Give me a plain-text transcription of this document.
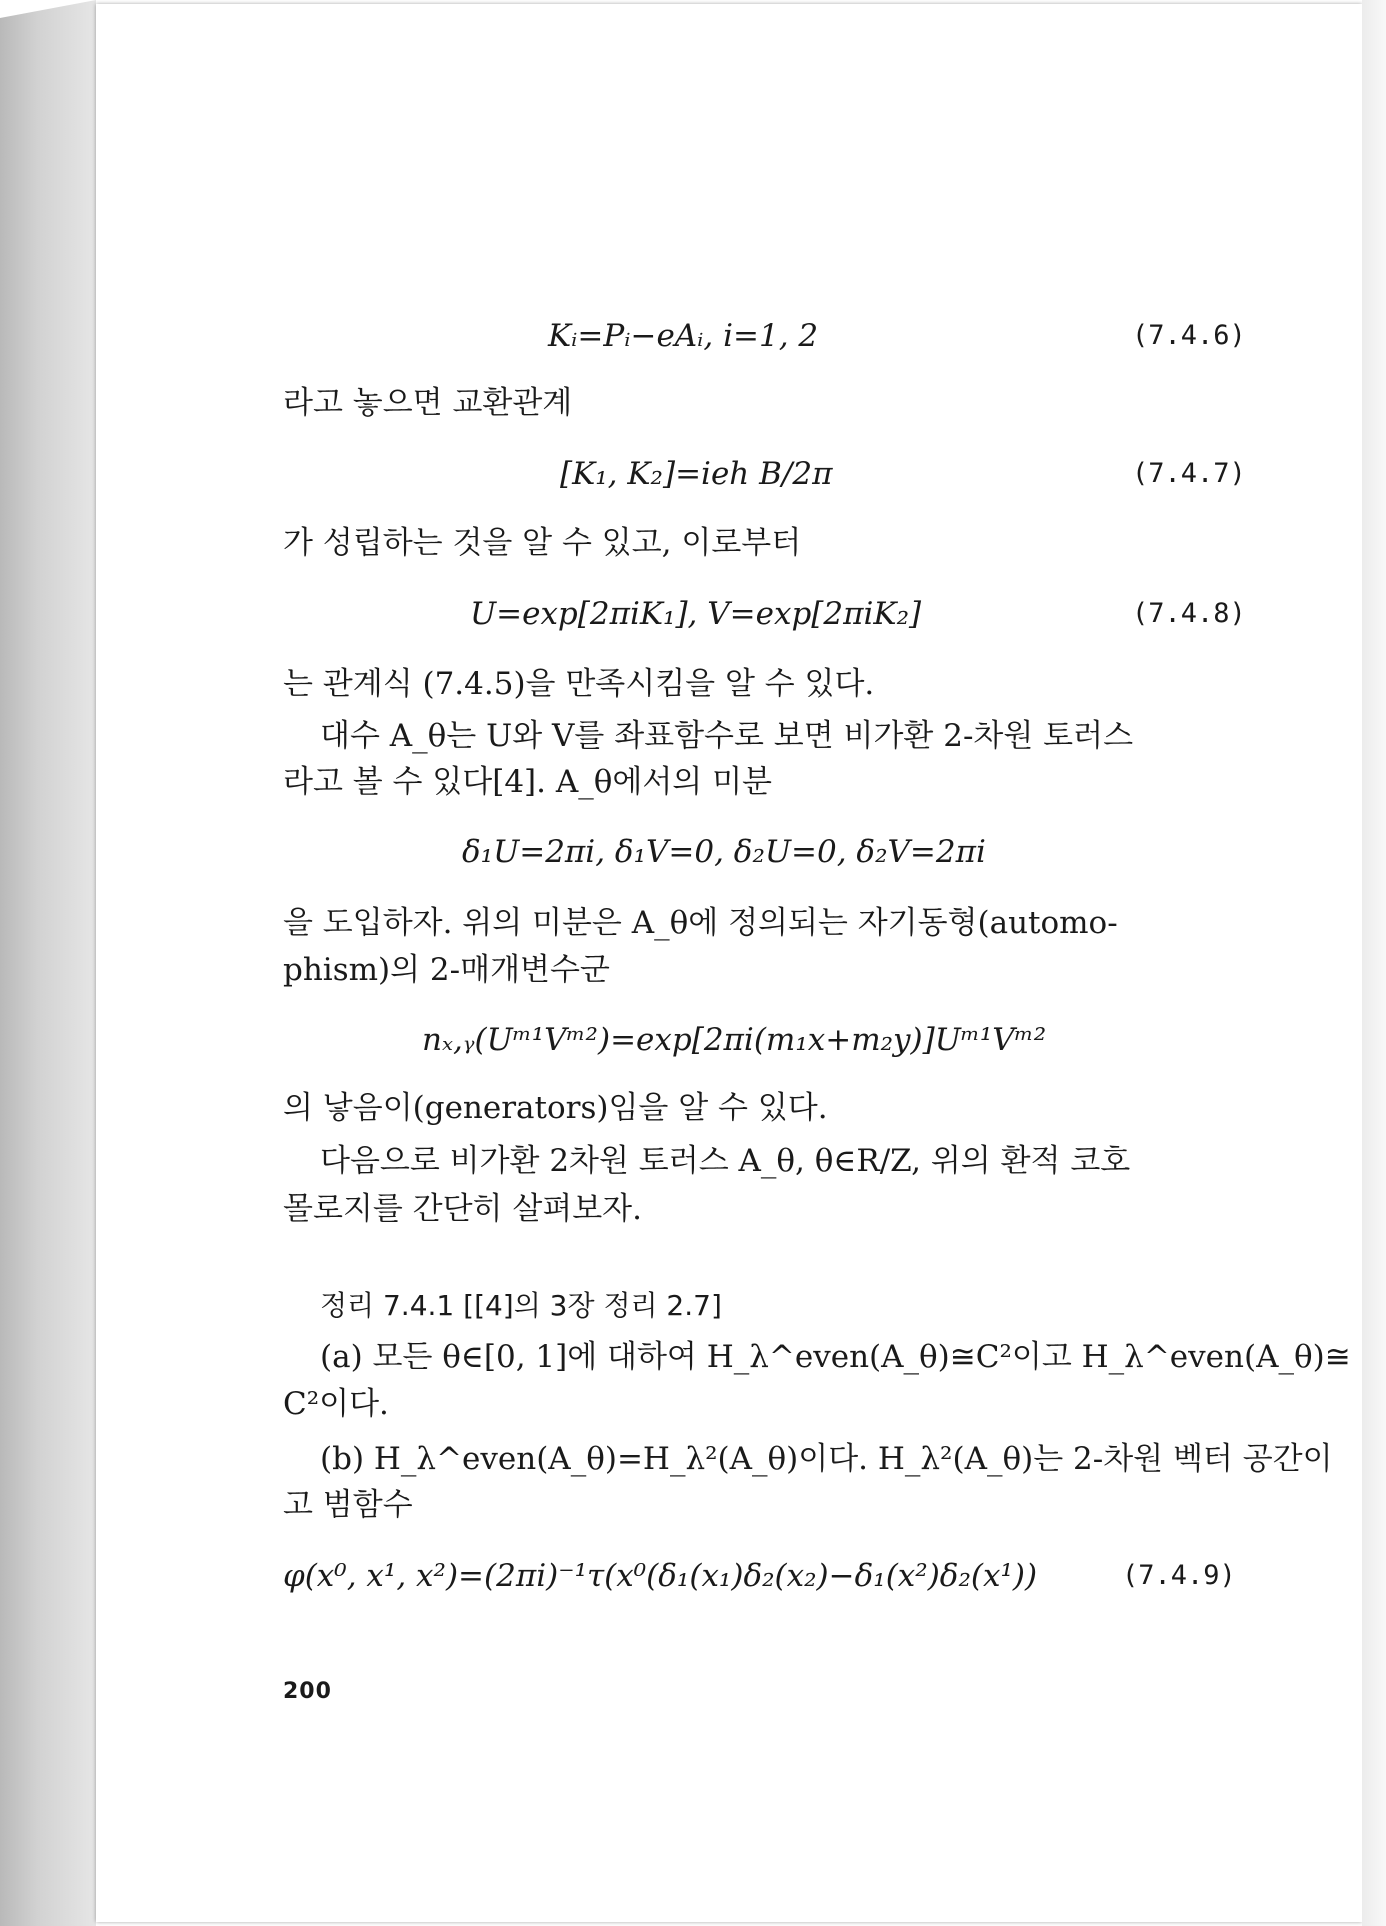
Kᵢ=Pᵢ−eAᵢ, i=1, 2	(7.4.6)
라고 놓으면 교환관계
[K₁, K₂]=ieh B/2π	(7.4.7)
가 성립하는 것을 알 수 있고, 이로부터
U=exp[2πiK₁], V=exp[2πiK₂]	(7.4.8)
는 관계식 (7.4.5)을 만족시킴을 알 수 있다.
대수 A_θ는 U와 V를 좌표함수로 보면 비가환 2-차원 토러스
라고 볼 수 있다[4]. A_θ에서의 미분
δ₁U=2πi, δ₁V=0, δ₂U=0, δ₂V=2πi
을 도입하자. 위의 미분은 A_θ에 정의되는 자기동형(automo-
phism)의 2-매개변수군
nₓ,ᵧ(Uᵐ¹Vᵐ²)=exp[2πi(m₁x+m₂y)]Uᵐ¹Vᵐ²
의 낳음이(generators)임을 알 수 있다.
다음으로 비가환 2차원 토러스 A_θ, θ∈R/Z, 위의 환적 코호
몰로지를 간단히 살펴보자.
정리 7.4.1 [[4]의 3장 정리 2.7]
(a) 모든 θ∈[0, 1]에 대하여 H_λ^even(A_θ)≅C²이고 H_λ^even(A_θ)≅
C²이다.
(b) H_λ^even(A_θ)=H_λ²(A_θ)이다. H_λ²(A_θ)는 2-차원 벡터 공간이
고 범함수
φ(x⁰, x¹, x²)=(2πi)⁻¹τ(x⁰(δ₁(x₁)δ₂(x₂)−δ₁(x²)δ₂(x¹))	(7.4.9)
200
